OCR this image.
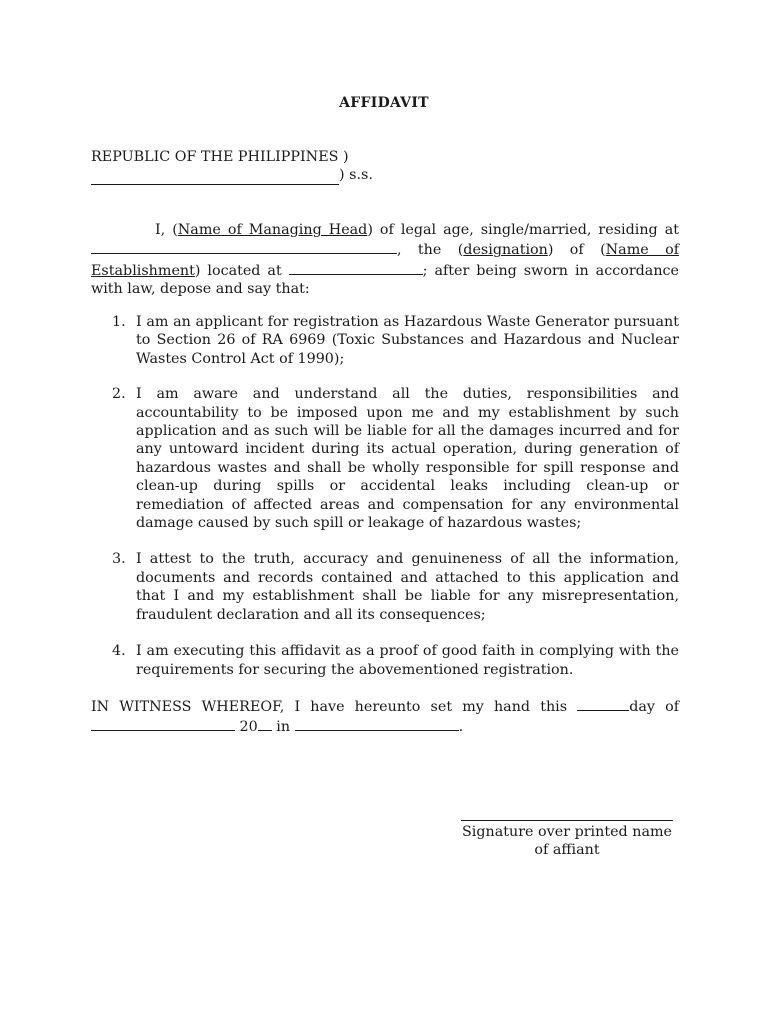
AFFIDAVIT
REPUBLIC OF THE PHILIPPINES )
) s.s.
I, (Name of Managing Head) of legal age, single/married, residing at , the (designation) of (Name of Establishment) located at	; after being sworn in accordance with law, depose and say that:
1. I am an applicant for registration as Hazardous Waste Generator pursuant to Section 26 of RA 6969 (Toxic Substances and Hazardous and Nuclear Wastes Control Act of 1990);
2. I am aware and understand all the duties, responsibilities and accountability to be imposed upon me and my establishment by such application and as such will be liable for all the damages incurred and for any untoward incident during its actual operation, during generation of hazardous wastes and shall be wholly responsible for spill response and clean-up during spills or accidental leaks including clean-up or remediation of affected areas and compensation for any environmental damage caused by such spill or leakage of hazardous wastes;
3. I attest to the truth, accuracy and genuineness of all the information, documents and records contained and attached to this application and that I and my establishment shall be liable for any misrepresentation, fraudulent declaration and all its consequences;
4. I am executing this affidavit as a proof of good faith in complying with the requirements for securing the abovementioned registration.
IN WITNESS WHEREOF, I have hereunto set my hand this	day of  20 in	.
Signature over printed name
of affiant
